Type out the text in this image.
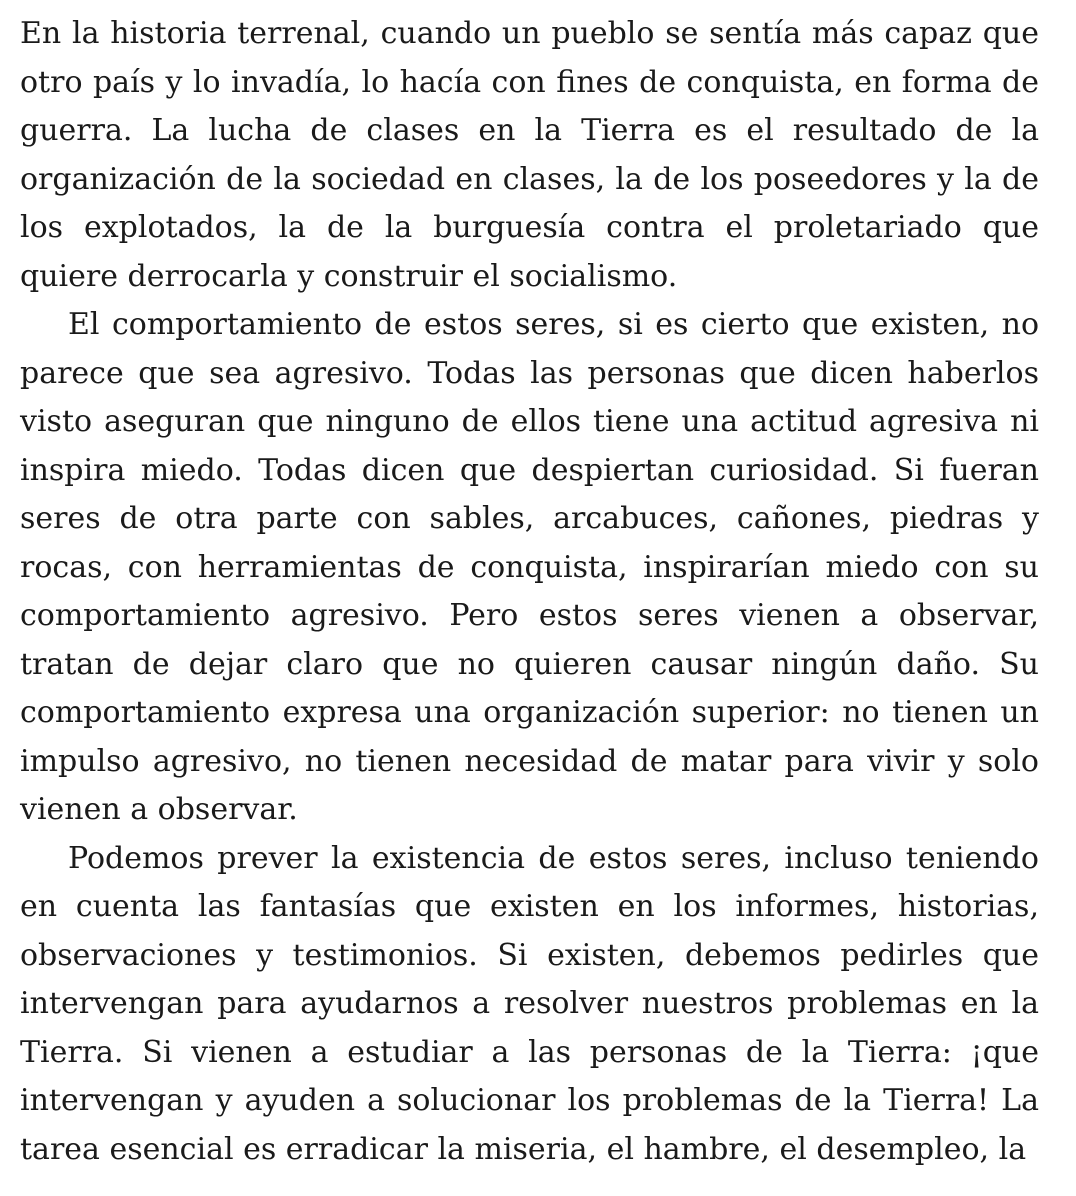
En la historia terrenal, cuando un pueblo se sentía más capaz que otro país y lo invadía, lo hacía con fines de conquista, en forma de guerra. La lucha de clases en la Tierra es el resultado de la organización de la sociedad en clases, la de los poseedores y la de los explotados, la de la burguesía contra el proletariado que quiere derrocarla y construir el socialismo.

El comportamiento de estos seres, si es cierto que existen, no parece que sea agresivo. Todas las personas que dicen haberlos visto aseguran que ninguno de ellos tiene una actitud agresiva ni inspira miedo. Todas dicen que despiertan curiosidad. Si fueran seres de otra parte con sables, arcabuces, cañones, piedras y rocas, con herramientas de conquista, inspirarían miedo con su comportamiento agresivo. Pero estos seres vienen a observar, tratan de dejar claro que no quieren causar ningún daño. Su comportamiento expresa una organización superior: no tienen un impulso agresivo, no tienen necesidad de matar para vivir y solo vienen a observar.

Podemos prever la existencia de estos seres, incluso teniendo en cuenta las fantasías que existen en los informes, historias, observaciones y testimonios. Si existen, debemos pedirles que intervengan para ayudarnos a resolver nuestros problemas en la Tierra. Si vienen a estudiar a las personas de la Tierra: ¡que intervengan y ayuden a solucionar los problemas de la Tierra! La tarea esencial es erradicar la miseria, el hambre, el desempleo, la
